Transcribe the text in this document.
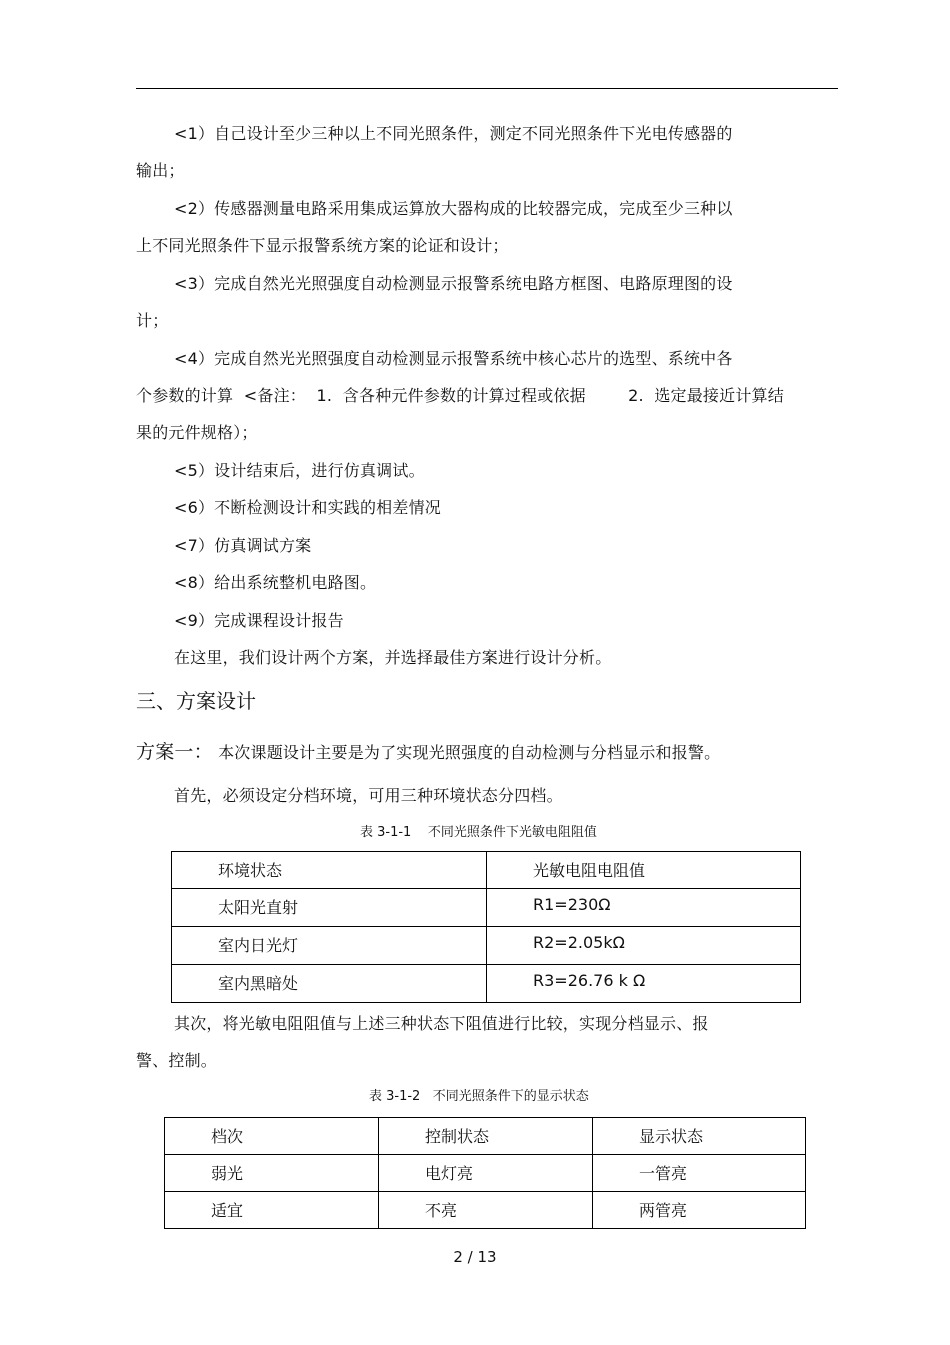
<1）自己设计至少三种以上不同光照条件，测定不同光照条件下光电传感器的
输出；
<2）传感器测量电路采用集成运算放大器构成的比较器完成，完成至少三种以
上不同光照条件下显示报警系统方案的论证和设计；
<3）完成自然光光照强度自动检测显示报警系统电路方框图、电路原理图的设
计；
<4）完成自然光光照强度自动检测显示报警系统中核心芯片的选型、系统中各
个参数的计算  <备注：  1.  含各种元件参数的计算过程或依据        2.  选定最接近计算结
果的元件规格）；
<5）设计结束后，进行仿真调试。
<6）不断检测设计和实践的相差情况
<7）仿真调试方案
<8）给出系统整机电路图。
<9）完成课程设计报告
在这里，我们设计两个方案，并选择最佳方案进行设计分析。
三、方案设计
方案一： 本次课题设计主要是为了实现光照强度的自动检测与分档显示和报警。
首先，必须设定分档环境，可用三种环境状态分四档。
表 3-1-1    不同光照条件下光敏电阻阻值
环境状态	光敏电阻电阻值

太阳光直射	R1=230Ω

室内日光灯	R2=2.05kΩ

室内黑暗处	R3=26.76 k Ω
其次，将光敏电阻阻值与上述三种状态下阻值进行比较，实现分档显示、报
警、控制。
表 3-1-2   不同光照条件下的显示状态
档次	控制状态	显示状态

弱光	电灯亮	一管亮

适宜	不亮	两管亮
2 / 13
